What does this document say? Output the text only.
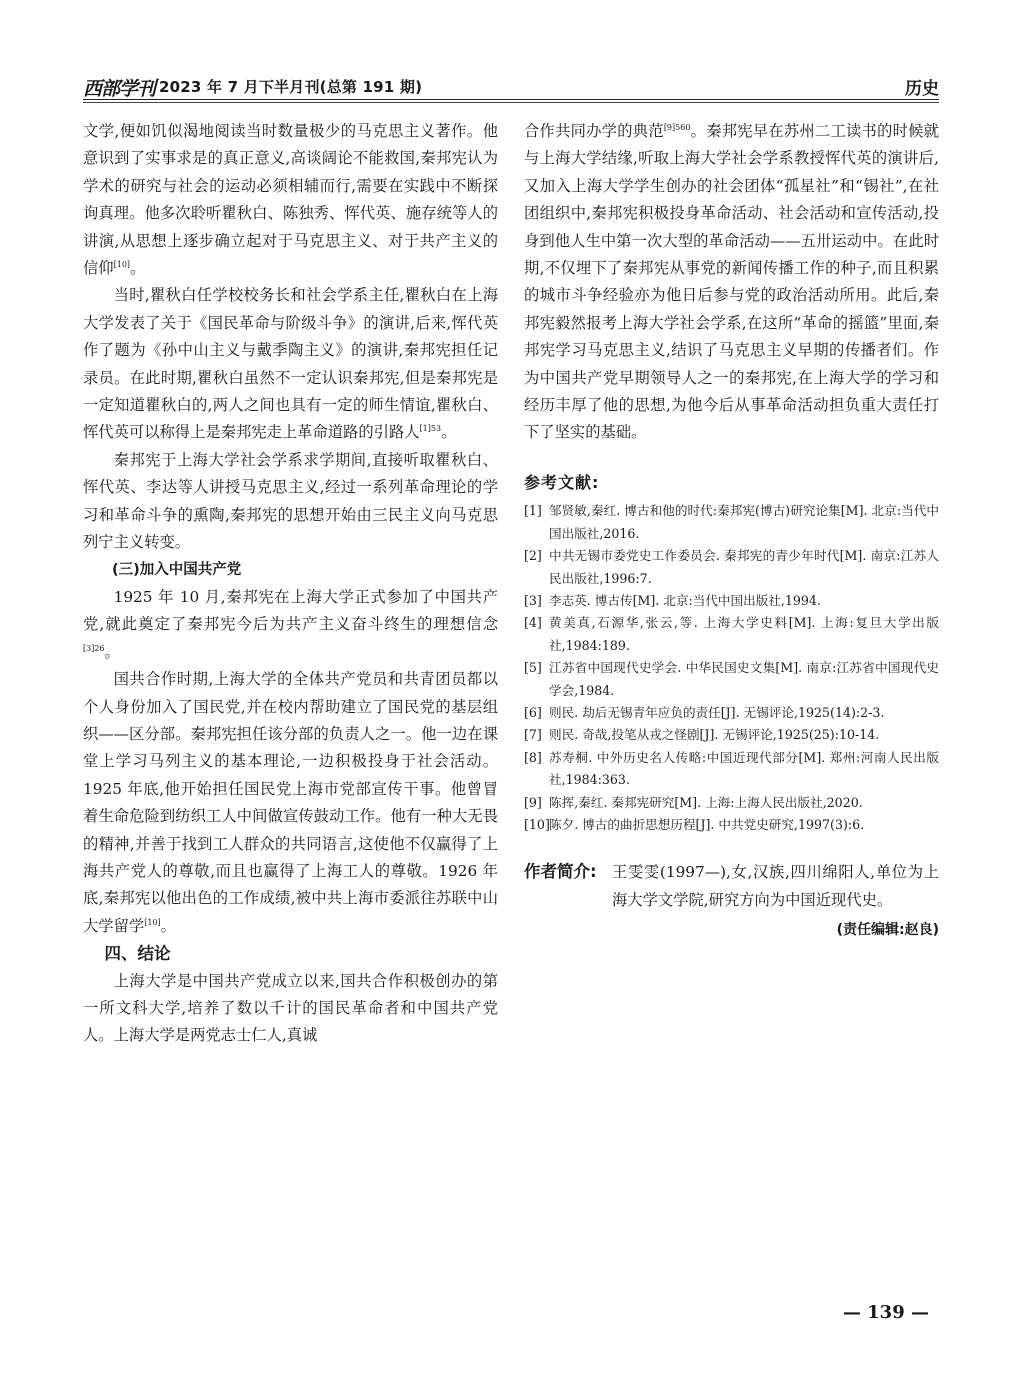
西部学刊 2023 年 7 月下半月刊(总第 191 期)	历史

文学,便如饥似渴地阅读当时数量极少的马克思主义著作。他意识到了实事求是的真正意义,高谈阔论不能救国,秦邦宪认为学术的研究与社会的运动必须相辅而行,需要在实践中不断探询真理。他多次聆听瞿秋白、陈独秀、恽代英、施存统等人的讲演,从思想上逐步确立起对于马克思主义、对于共产主义的信仰[10]。

当时,瞿秋白任学校校务长和社会学系主任,瞿秋白在上海大学发表了关于《国民革命与阶级斗争》的演讲,后来,恽代英作了题为《孙中山主义与戴季陶主义》的演讲,秦邦宪担任记录员。在此时期,瞿秋白虽然不一定认识秦邦宪,但是秦邦宪是一定知道瞿秋白的,两人之间也具有一定的师生情谊,瞿秋白、恽代英可以称得上是秦邦宪走上革命道路的引路人$^{[1]53}$。

秦邦宪于上海大学社会学系求学期间,直接听取瞿秋白、恽代英、李达等人讲授马克思主义,经过一系列革命理论的学习和革命斗争的熏陶,秦邦宪的思想开始由三民主义向马克思列宁主义转变。

(三)加入中国共产党

1925 年 10 月,秦邦宪在上海大学正式参加了中国共产党,就此奠定了秦邦宪今后为共产主义奋斗终生的理想信念$^{[3]26}$。

国共合作时期,上海大学的全体共产党员和共青团员都以个人身份加入了国民党,并在校内帮助建立了国民党的基层组织——区分部。秦邦宪担任该分部的负责人之一。他一边在课堂上学习马列主义的基本理论,一边积极投身于社会活动。1925 年底,他开始担任国民党上海市党部宣传干事。他曾冒着生命危险到纺织工人中间做宣传鼓动工作。他有一种大无畏的精神,并善于找到工人群众的共同语言,这使他不仅赢得了上海共产党人的尊敬,而且也赢得了上海工人的尊敬。1926 年底,秦邦宪以他出色的工作成绩,被中共上海市委派往苏联中山大学留学[10]。

四、结论

上海大学是中国共产党成立以来,国共合作积极创办的第一所文科大学,培养了数以千计的国民革命者和中国共产党人。上海大学是两党志士仁人,真诚

合作共同办学的典范$^{[9]560}$。秦邦宪早在苏州二工读书的时候就与上海大学结缘,听取上海大学社会学系教授恽代英的演讲后,又加入上海大学学生创办的社会团体“孤星社”和“锡社”,在社团组织中,秦邦宪积极投身革命活动、社会活动和宣传活动,投身到他人生中第一次大型的革命活动——五卅运动中。在此时期,不仅埋下了秦邦宪从事党的新闻传播工作的种子,而且积累的城市斗争经验亦为他日后参与党的政治活动所用。此后,秦邦宪毅然报考上海大学社会学系,在这所“革命的摇篮”里面,秦邦宪学习马克思主义,结识了马克思主义早期的传播者们。作为中国共产党早期领导人之一的秦邦宪,在上海大学的学习和经历丰厚了他的思想,为他今后从事革命活动担负重大责任打下了坚实的基础。

参考文献:
[1] 邹贤敏,秦红. 博古和他的时代:秦邦宪(博古)研究论集[M]. 北京:当代中国出版社,2016.
[2] 中共无锡市委党史工作委员会. 秦邦宪的青少年时代[M]. 南京:江苏人民出版社,1996:7.
[3] 李志英. 博古传[M]. 北京:当代中国出版社,1994.
[4] 黄美真,石源华,张云,等. 上海大学史料[M]. 上海:复旦大学出版社,1984:189.
[5] 江苏省中国现代史学会. 中华民国史文集[M]. 南京:江苏省中国现代史学会,1984.
[6] 则民. 劫后无锡青年应负的责任[J]. 无锡评论,1925(14):2-3.
[7] 则民. 奇哉,投笔从戎之怪剧[J]. 无锡评论,1925(25):10-14.
[8] 苏寿桐. 中外历史名人传略:中国近现代部分[M]. 郑州:河南人民出版社,1984:363.
[9] 陈挥,秦红. 秦邦宪研究[M]. 上海:上海人民出版社,2020.
[10] 陈夕. 博古的曲折思想历程[J]. 中共党史研究,1997(3):6.
作者简介:	王雯雯(1997—),女,汉族,四川绵阳人,单位为上海大学文学院,研究方向为中国近现代史。
(责任编辑:赵良)
— 139 —
